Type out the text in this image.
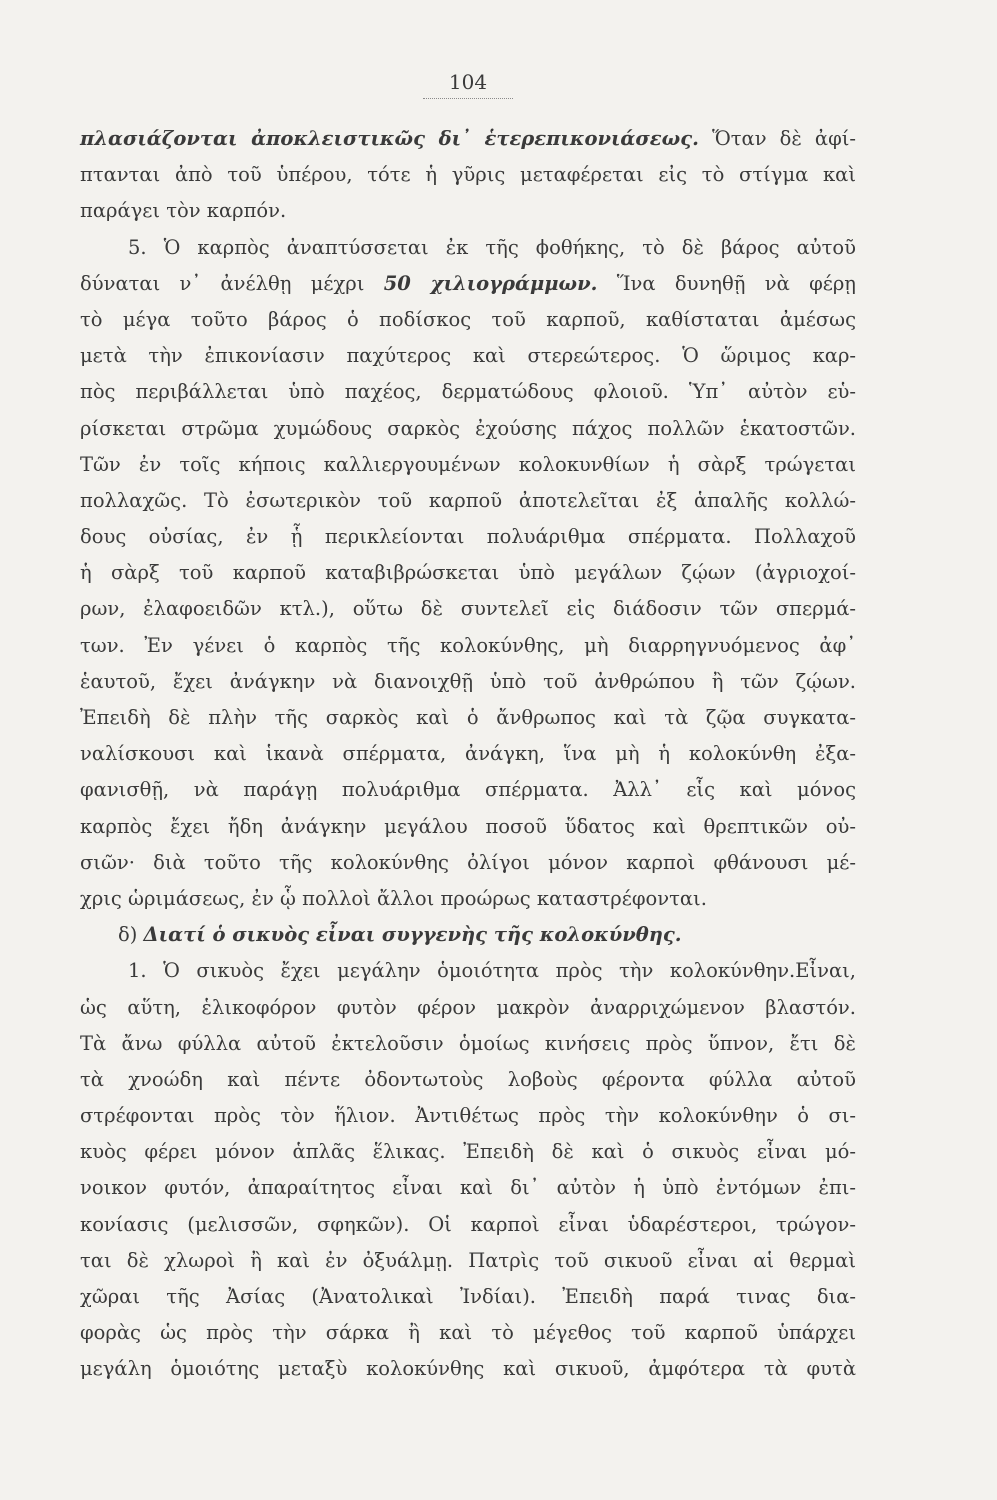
104
πλασιάζονται ἀποκλειστικῶς δι᾽ ἑτερεπικονιάσεως. Ὅταν δὲ ἀφί-
πτανται ἀπὸ τοῦ ὑπέρου, τότε ἡ γῦρις μεταφέρεται εἰς τὸ στίγμα καὶ
παράγει τὸν καρπόν.
5. Ὁ καρπὸς ἀναπτύσσεται ἐκ τῆς ϕοθήκης, τὸ δὲ βάρος αὐτοῦ
δύναται ν᾽ ἀνέλθῃ μέχρι 50 χιλιογράμμων. Ἵνα δυνηθῇ νὰ φέρῃ
τὸ μέγα τοῦτο βάρος ὁ ποδίσκος τοῦ καρποῦ, καθίσταται ἀμέσως
μετὰ τὴν ἐπικονίασιν παχύτερος καὶ στερεώτερος. Ὁ ὥριμος καρ-
πὸς περιβάλλεται ὑπὸ παχέος, δερματώδους φλοιοῦ. Ὑπ᾽ αὐτὸν εὑ-
ρίσκεται στρῶμα χυμώδους σαρκὸς ἐχούσης πάχος πολλῶν ἑκατοστῶν.
Τῶν ἐν τοῖς κήποις καλλιεργουμένων κολοκυνθίων ἡ σὰρξ τρώγεται
πολλαχῶς. Τὸ ἐσωτερικὸν τοῦ καρποῦ ἀποτελεῖται ἐξ ἁπαλῆς κολλώ-
δους οὐσίας, ἐν ᾗ περικλείονται πολυάριθμα σπέρματα. Πολλαχοῦ
ἡ σὰρξ τοῦ καρποῦ καταβιβρώσκεται ὑπὸ μεγάλων ζῴων (ἀγριοχοί-
ρων, ἐλαφοειδῶν κτλ.), οὕτω δὲ συντελεῖ εἰς διάδοσιν τῶν σπερμά-
των. Ἐν γένει ὁ καρπὸς τῆς κολοκύνθης, μὴ διαρρηγνυόμενος ἀφ᾽
ἑαυτοῦ, ἔχει ἀνάγκην νὰ διανοιχθῇ ὑπὸ τοῦ ἀνθρώπου ἢ τῶν ζῴων.
Ἐπειδὴ δὲ πλὴν τῆς σαρκὸς καὶ ὁ ἄνθρωπος καὶ τὰ ζῷα συγκατα-
ναλίσκουσι καὶ ἱκανὰ σπέρματα, ἀνάγκη, ἵνα μὴ ἡ κολοκύνθη ἐξα-
φανισθῇ, νὰ παράγῃ πολυάριθμα σπέρματα. Ἀλλ᾽ εἷς καὶ μόνος
καρπὸς ἔχει ἤδη ἀνάγκην μεγάλου ποσοῦ ὕδατος καὶ θρεπτικῶν οὐ-
σιῶν· διὰ τοῦτο τῆς κολοκύνθης ὀλίγοι μόνον καρποὶ φθάνουσι μέ-
χρις ὡριμάσεως, ἐν ᾧ πολλοὶ ἄλλοι προώρως καταστρέφονται.
δ) Διατί ὁ σικυὸς εἶναι συγγενὴς τῆς κολοκύνθης.
1. Ὁ σικυὸς ἔχει μεγάλην ὁμοιότητα πρὸς τὴν κολοκύνθην.Εἶναι,
ὡς αὕτη, ἑλικοφόρον φυτὸν φέρον μακρὸν ἀναρριχώμενον βλαστόν.
Τὰ ἄνω φύλλα αὐτοῦ ἐκτελοῦσιν ὁμοίως κινήσεις πρὸς ὕπνον, ἔτι δὲ
τὰ χνοώδη καὶ πέντε ὀδοντωτοὺς λοβοὺς φέροντα φύλλα αὐτοῦ
στρέφονται πρὸς τὸν ἥλιον. Ἀντιθέτως πρὸς τὴν κολοκύνθην ὁ σι-
κυὸς φέρει μόνον ἁπλᾶς ἕλικας. Ἐπειδὴ δὲ καὶ ὁ σικυὸς εἶναι μό-
νοικον φυτόν, ἀπαραίτητος εἶναι καὶ δι᾽ αὐτὸν ἡ ὑπὸ ἐντόμων ἐπι-
κονίασις (μελισσῶν, σφηκῶν). Οἱ καρποὶ εἶναι ὑδαρέστεροι, τρώγον-
ται δὲ χλωροὶ ἢ καὶ ἐν ὀξυάλμῃ. Πατρὶς τοῦ σικυοῦ εἶναι αἱ θερμαὶ
χῶραι τῆς Ἀσίας (Ἀνατολικαὶ Ἰνδίαι). Ἐπειδὴ παρά τινας δια-
φορὰς ὡς πρὸς τὴν σάρκα ἢ καὶ τὸ μέγεθος τοῦ καρποῦ ὑπάρχει
μεγάλη ὁμοιότης μεταξὺ κολοκύνθης καὶ σικυοῦ, ἀμφότερα τὰ φυτὰ
